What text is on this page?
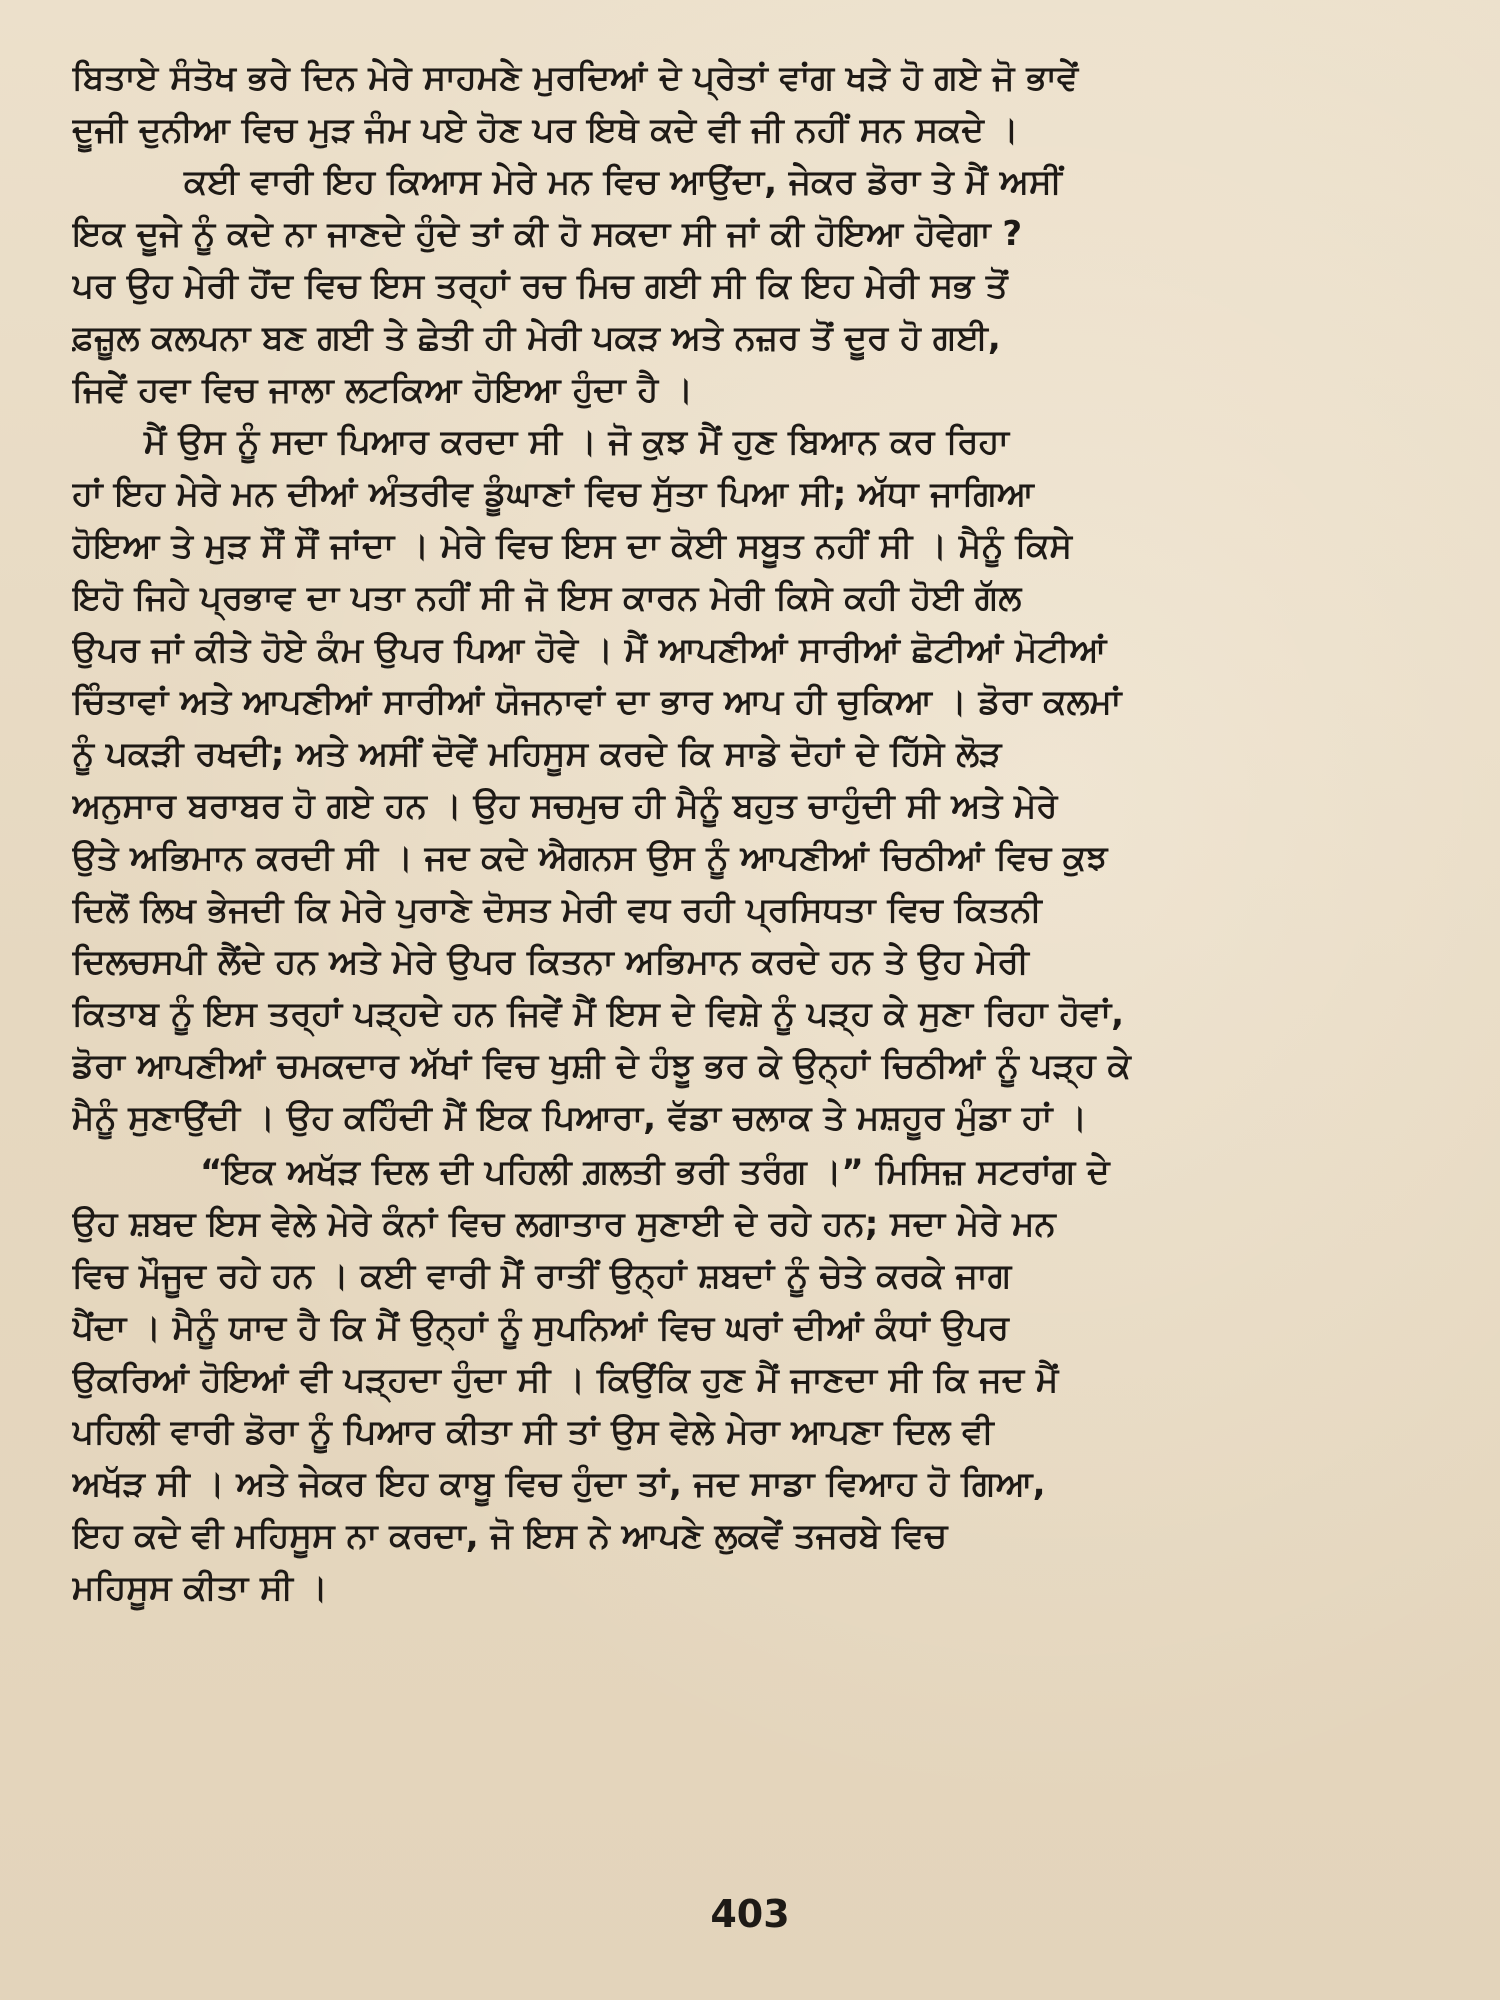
ਬਿਤਾਏ ਸੰਤੋਖ ਭਰੇ ਦਿਨ ਮੇਰੇ ਸਾਹਮਣੇ ਮੁਰਦਿਆਂ ਦੇ ਪ੍ਰੇਤਾਂ ਵਾਂਗ ਖੜੇ ਹੋ ਗਏ ਜੋ ਭਾਵੇਂ
ਦੂਜੀ ਦੁਨੀਆ ਵਿਚ ਮੁੜ ਜੰਮ ਪਏ ਹੋਣ ਪਰ ਇਥੇ ਕਦੇ ਵੀ ਜੀ ਨਹੀਂ ਸਨ ਸਕਦੇ ।
ਕਈ ਵਾਰੀ ਇਹ ਕਿਆਸ ਮੇਰੇ ਮਨ ਵਿਚ ਆਉਂਦਾ, ਜੇਕਰ ਡੋਰਾ ਤੇ ਮੈਂ ਅਸੀਂ
ਇਕ ਦੂਜੇ ਨੂੰ ਕਦੇ ਨਾ ਜਾਣਦੇ ਹੁੰਦੇ ਤਾਂ ਕੀ ਹੋ ਸਕਦਾ ਸੀ ਜਾਂ ਕੀ ਹੋਇਆ ਹੋਵੇਗਾ ?
ਪਰ ਉਹ ਮੇਰੀ ਹੋਂਦ ਵਿਚ ਇਸ ਤਰ੍ਹਾਂ ਰਚ ਮਿਚ ਗਈ ਸੀ ਕਿ ਇਹ ਮੇਰੀ ਸਭ ਤੋਂ
ਫ਼ਜ਼ੂਲ ਕਲਪਨਾ ਬਣ ਗਈ ਤੇ ਛੇਤੀ ਹੀ ਮੇਰੀ ਪਕੜ ਅਤੇ ਨਜ਼ਰ ਤੋਂ ਦੂਰ ਹੋ ਗਈ,
ਜਿਵੇਂ ਹਵਾ ਵਿਚ ਜਾਲਾ ਲਟਕਿਆ ਹੋਇਆ ਹੁੰਦਾ ਹੈ ।
ਮੈਂ ਉਸ ਨੂੰ ਸਦਾ ਪਿਆਰ ਕਰਦਾ ਸੀ । ਜੋ ਕੁਝ ਮੈਂ ਹੁਣ ਬਿਆਨ ਕਰ ਰਿਹਾ
ਹਾਂ ਇਹ ਮੇਰੇ ਮਨ ਦੀਆਂ ਅੰਤਰੀਵ ਡੂੰਘਾਣਾਂ ਵਿਚ ਸੁੱਤਾ ਪਿਆ ਸੀ; ਅੱਧਾ ਜਾਗਿਆ
ਹੋਇਆ ਤੇ ਮੁੜ ਸੌਂ ਸੌਂ ਜਾਂਦਾ । ਮੇਰੇ ਵਿਚ ਇਸ ਦਾ ਕੋਈ ਸਬੂਤ ਨਹੀਂ ਸੀ । ਮੈਨੂੰ ਕਿਸੇ
ਇਹੋ ਜਿਹੇ ਪ੍ਰਭਾਵ ਦਾ ਪਤਾ ਨਹੀਂ ਸੀ ਜੋ ਇਸ ਕਾਰਨ ਮੇਰੀ ਕਿਸੇ ਕਹੀ ਹੋਈ ਗੱਲ
ਉਪਰ ਜਾਂ ਕੀਤੇ ਹੋਏ ਕੰਮ ਉਪਰ ਪਿਆ ਹੋਵੇ । ਮੈਂ ਆਪਣੀਆਂ ਸਾਰੀਆਂ ਛੋਟੀਆਂ ਮੋਟੀਆਂ
ਚਿੰਤਾਵਾਂ ਅਤੇ ਆਪਣੀਆਂ ਸਾਰੀਆਂ ਯੋਜਨਾਵਾਂ ਦਾ ਭਾਰ ਆਪ ਹੀ ਚੁਕਿਆ । ਡੋਰਾ ਕਲਮਾਂ
ਨੂੰ ਪਕੜੀ ਰਖਦੀ; ਅਤੇ ਅਸੀਂ ਦੋਵੇਂ ਮਹਿਸੂਸ ਕਰਦੇ ਕਿ ਸਾਡੇ ਦੋਹਾਂ ਦੇ ਹਿੱਸੇ ਲੋੜ
ਅਨੁਸਾਰ ਬਰਾਬਰ ਹੋ ਗਏ ਹਨ । ਉਹ ਸਚਮੁਚ ਹੀ ਮੈਨੂੰ ਬਹੁਤ ਚਾਹੁੰਦੀ ਸੀ ਅਤੇ ਮੇਰੇ
ਉਤੇ ਅਭਿਮਾਨ ਕਰਦੀ ਸੀ । ਜਦ ਕਦੇ ਐਗਨਸ ਉਸ ਨੂੰ ਆਪਣੀਆਂ ਚਿਠੀਆਂ ਵਿਚ ਕੁਝ
ਦਿਲੋਂ ਲਿਖ ਭੇਜਦੀ ਕਿ ਮੇਰੇ ਪੁਰਾਣੇ ਦੋਸਤ ਮੇਰੀ ਵਧ ਰਹੀ ਪ੍ਰਸਿਧਤਾ ਵਿਚ ਕਿਤਨੀ
ਦਿਲਚਸਪੀ ਲੈਂਦੇ ਹਨ ਅਤੇ ਮੇਰੇ ਉਪਰ ਕਿਤਨਾ ਅਭਿਮਾਨ ਕਰਦੇ ਹਨ ਤੇ ਉਹ ਮੇਰੀ
ਕਿਤਾਬ ਨੂੰ ਇਸ ਤਰ੍ਹਾਂ ਪੜ੍ਹਦੇ ਹਨ ਜਿਵੇਂ ਮੈਂ ਇਸ ਦੇ ਵਿਸ਼ੇ ਨੂੰ ਪੜ੍ਹ ਕੇ ਸੁਣਾ ਰਿਹਾ ਹੋਵਾਂ,
ਡੋਰਾ ਆਪਣੀਆਂ ਚਮਕਦਾਰ ਅੱਖਾਂ ਵਿਚ ਖੁਸ਼ੀ ਦੇ ਹੰਝੂ ਭਰ ਕੇ ਉਨ੍ਹਾਂ ਚਿਠੀਆਂ ਨੂੰ ਪੜ੍ਹ ਕੇ
ਮੈਨੂੰ ਸੁਣਾਉਂਦੀ । ਉਹ ਕਹਿੰਦੀ ਮੈਂ ਇਕ ਪਿਆਰਾ, ਵੱਡਾ ਚਲਾਕ ਤੇ ਮਸ਼ਹੂਰ ਮੁੰਡਾ ਹਾਂ ।
“ਇਕ ਅਖੱੜ ਦਿਲ ਦੀ ਪਹਿਲੀ ਗ਼ਲਤੀ ਭਰੀ ਤਰੰਗ ।” ਮਿਸਿਜ਼ ਸਟਰਾਂਗ ਦੇ
ਉਹ ਸ਼ਬਦ ਇਸ ਵੇਲੇ ਮੇਰੇ ਕੰਨਾਂ ਵਿਚ ਲਗਾਤਾਰ ਸੁਣਾਈ ਦੇ ਰਹੇ ਹਨ; ਸਦਾ ਮੇਰੇ ਮਨ
ਵਿਚ ਮੌਜੂਦ ਰਹੇ ਹਨ । ਕਈ ਵਾਰੀ ਮੈਂ ਰਾਤੀਂ ਉਨ੍ਹਾਂ ਸ਼ਬਦਾਂ ਨੂੰ ਚੇਤੇ ਕਰਕੇ ਜਾਗ
ਪੈਂਦਾ । ਮੈਨੂੰ ਯਾਦ ਹੈ ਕਿ ਮੈਂ ਉਨ੍ਹਾਂ ਨੂੰ ਸੁਪਨਿਆਂ ਵਿਚ ਘਰਾਂ ਦੀਆਂ ਕੰਧਾਂ ਉਪਰ
ਉਕਰਿਆਂ ਹੋਇਆਂ ਵੀ ਪੜ੍ਹਦਾ ਹੁੰਦਾ ਸੀ । ਕਿਉਂਕਿ ਹੁਣ ਮੈਂ ਜਾਣਦਾ ਸੀ ਕਿ ਜਦ ਮੈਂ
ਪਹਿਲੀ ਵਾਰੀ ਡੋਰਾ ਨੂੰ ਪਿਆਰ ਕੀਤਾ ਸੀ ਤਾਂ ਉਸ ਵੇਲੇ ਮੇਰਾ ਆਪਣਾ ਦਿਲ ਵੀ
ਅਖੱੜ ਸੀ । ਅਤੇ ਜੇਕਰ ਇਹ ਕਾਬੂ ਵਿਚ ਹੁੰਦਾ ਤਾਂ, ਜਦ ਸਾਡਾ ਵਿਆਹ ਹੋ ਗਿਆ,
ਇਹ ਕਦੇ ਵੀ ਮਹਿਸੂਸ ਨਾ ਕਰਦਾ, ਜੋ ਇਸ ਨੇ ਆਪਣੇ ਲੁਕਵੇਂ ਤਜਰਬੇ ਵਿਚ
ਮਹਿਸੂਸ ਕੀਤਾ ਸੀ ।
403
